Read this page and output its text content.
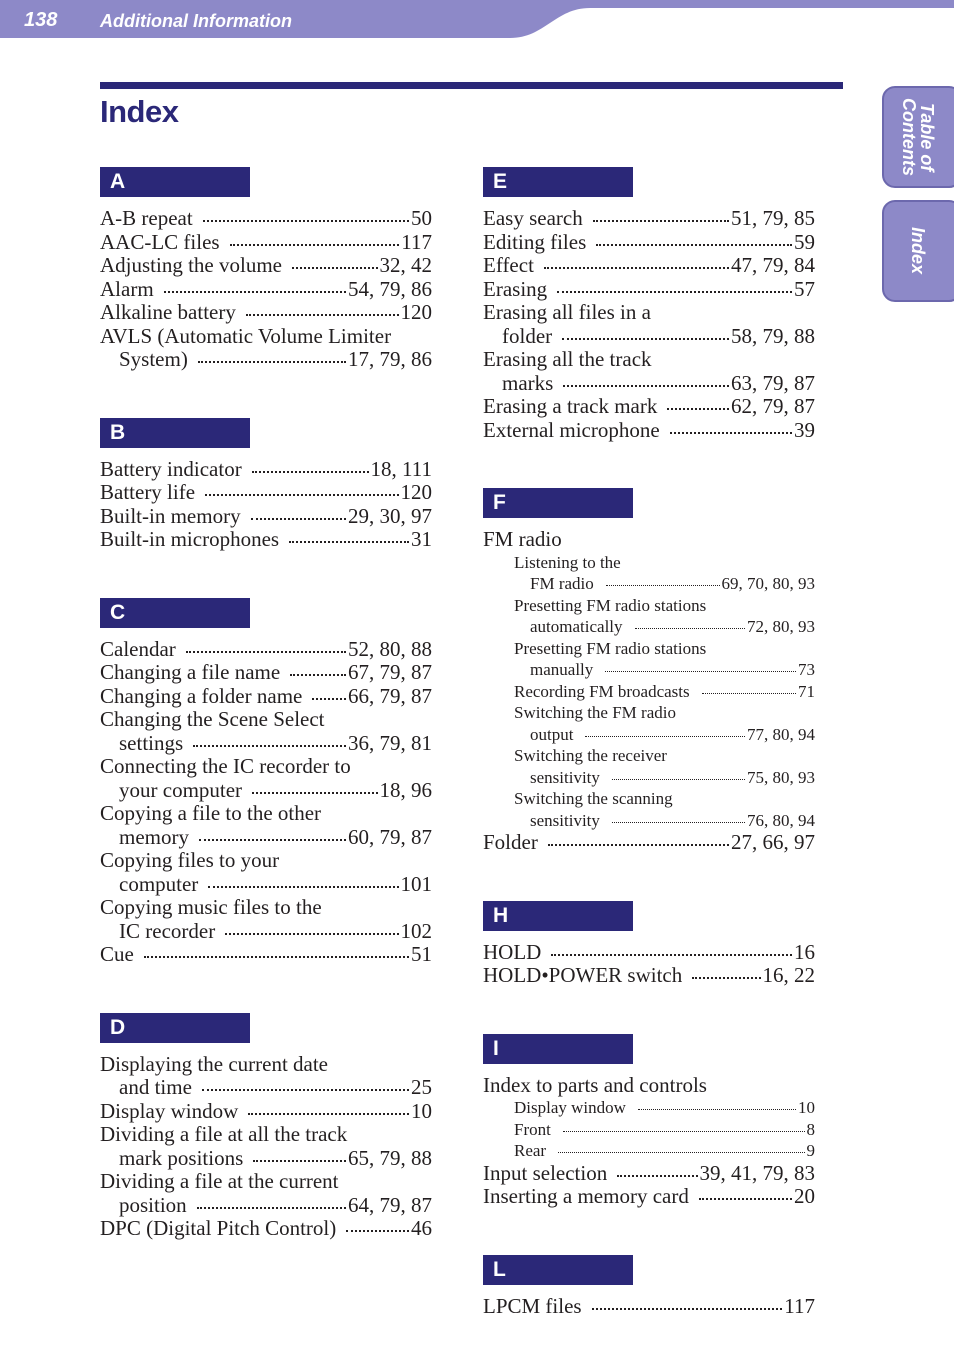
138 Additional Information
Table of
Contents
Index
Index
A
A-B repeat	50
AAC-LC files	117
Adjusting the volume	32, 42
Alarm	54, 79, 86
Alkaline battery	120
AVLS (Automatic Volume Limiter
System)	17, 79, 86
B
Battery indicator	18, 111
Battery life	120
Built-in memory	29, 30, 97
Built-in microphones	31
C
Calendar	52, 80, 88
Changing a file name	67, 79, 87
Changing a folder name 66, 79, 87
Changing the Scene Select
settings	36, 79, 81
Connecting the IC recorder to
your computer	18, 96
Copying a file to the other
memory	60, 79, 87
Copying files to your
computer	101
Copying music files to the
IC recorder	102
Cue	51
D
Displaying the current date
and time	25
Display window	10
Dividing a file at all the track
mark positions	65, 79, 88
Dividing a file at the current
position	64, 79, 87
DPC (Digital Pitch Control)	46
E
Easy search	51, 79, 85
Editing files	59
Effect	47, 79, 84
Erasing	57
Erasing all files in a
folder	58, 79, 88
Erasing all the track
marks	63, 79, 87
Erasing a track mark	62, 79, 87
External microphone	39
F
FM radio
Listening to the
FM radio	69, 70, 80, 93
Presetting FM radio stations
automatically	72, 80, 93
Presetting FM radio stations
manually	73
Recording FM broadcasts	71
Switching the FM radio
output	77, 80, 94
Switching the receiver
sensitivity	75, 80, 93
Switching the scanning
sensitivity	76, 80, 94
Folder	27, 66, 97
H
HOLD	16
HOLD•POWER switch	16, 22
I
Index to parts and controls
Display window	10
Front	8
Rear	9
Input selection	39, 41, 79, 83
Inserting a memory card	20
L
LPCM files	117
